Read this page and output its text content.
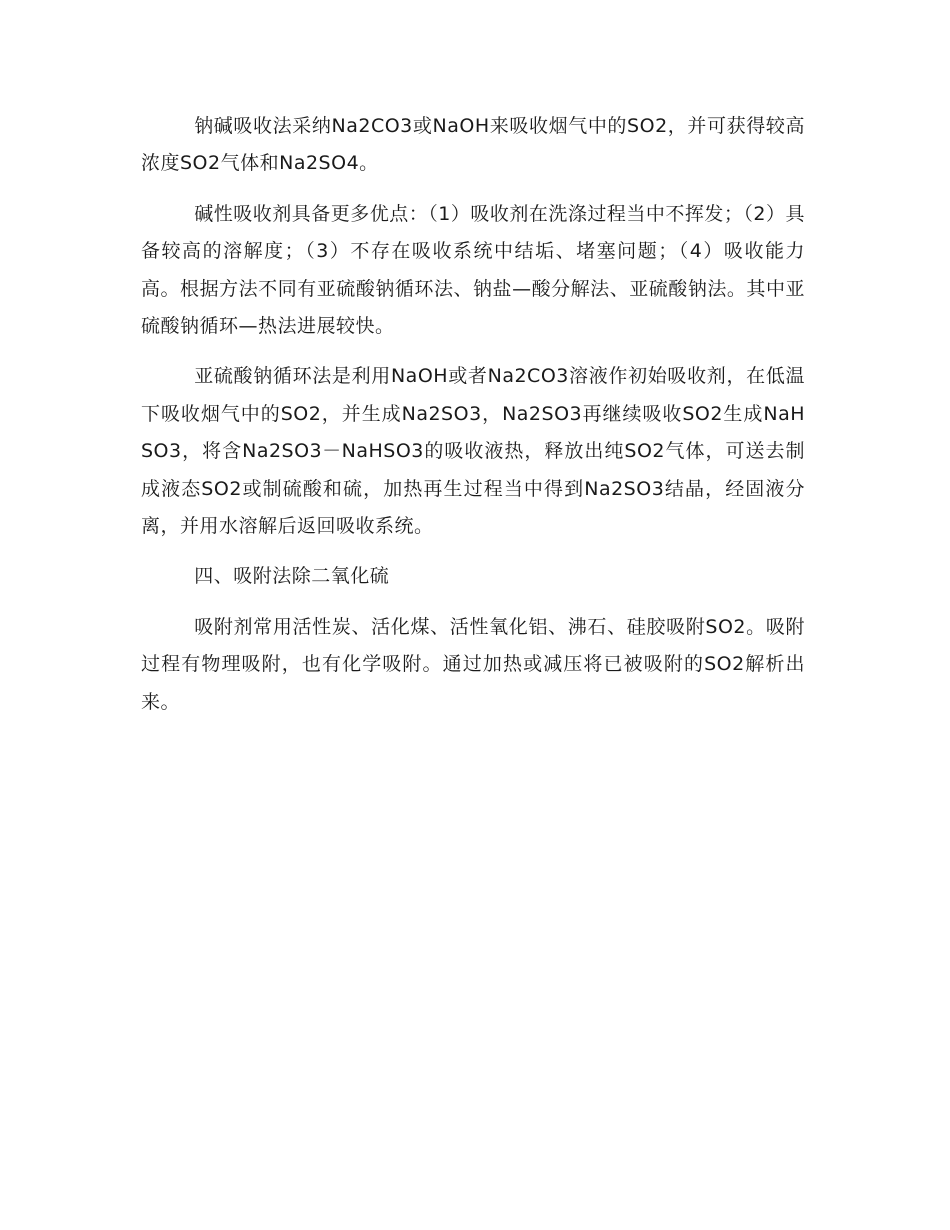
钠碱吸收法采纳Na2CO3或NaOH来吸收烟气中的SO2，并可获得较高浓度SO2气体和Na2SO4。

碱性吸收剂具备更多优点：（1）吸收剂在洗涤过程当中不挥发；（2）具备较高的溶解度；（3）不存在吸收系统中结垢、堵塞问题；（4）吸收能力高。根据方法不同有亚硫酸钠循环法、钠盐—酸分解法、亚硫酸钠法。其中亚硫酸钠循环—热法进展较快。

亚硫酸钠循环法是利用NaOH或者Na2CO3溶液作初始吸收剂，在低温下吸收烟气中的SO2，并生成Na2SO3，Na2SO3再继续吸收SO2生成NaHSO3，将含Na2SO3－NaHSO3的吸收液热，释放出纯SO2气体，可送去制成液态SO2或制硫酸和硫，加热再生过程当中得到Na2SO3结晶，经固液分离，并用水溶解后返回吸收系统。

四、吸附法除二氧化硫

吸附剂常用活性炭、活化煤、活性氧化铝、沸石、硅胶吸附SO2。吸附过程有物理吸附，也有化学吸附。通过加热或减压将已被吸附的SO2解析出来。
